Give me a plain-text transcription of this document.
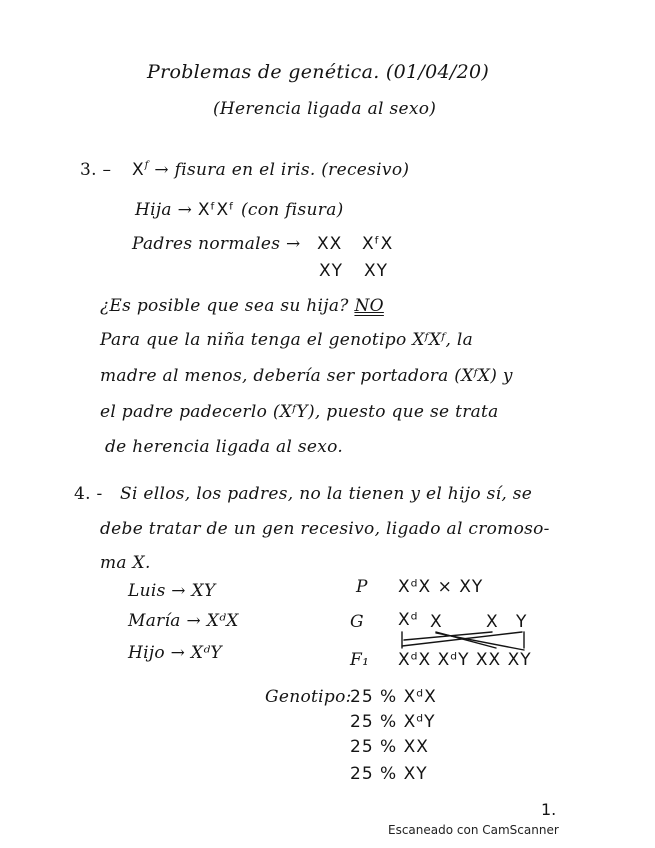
Problemas de genética. (01/04/20)
(Herencia ligada al sexo)
3. – $X^f$ → fisura en el iris. (recesivo)
Hija → XᶠXᶠ (con fisura)
Padres normales → XX XᶠX
XY XY
¿Es posible que sea su hija? NO
Para que la niña tenga el genotipo XᶠXᶠ, la
madre al menos, debería ser portadora (XᶠX) y
el padre padecerlo (XᶠY), puesto que se trata
de herencia ligada al sexo.
4. - Si ellos, los padres, no la tienen y el hijo sí, se
debe tratar de un gen recesivo, ligado al cromoso-
ma X.
Luis → XY
María → XᵈX
Hijo → XᵈY
P XᵈX × XY
G Xᵈ X	X Y
F₁ XᵈX XᵈY XX XY
Genotipo:
25 % XᵈX
25 % XᵈY
25 % XX
25 % XY
1.
Escaneado con CamScanner
